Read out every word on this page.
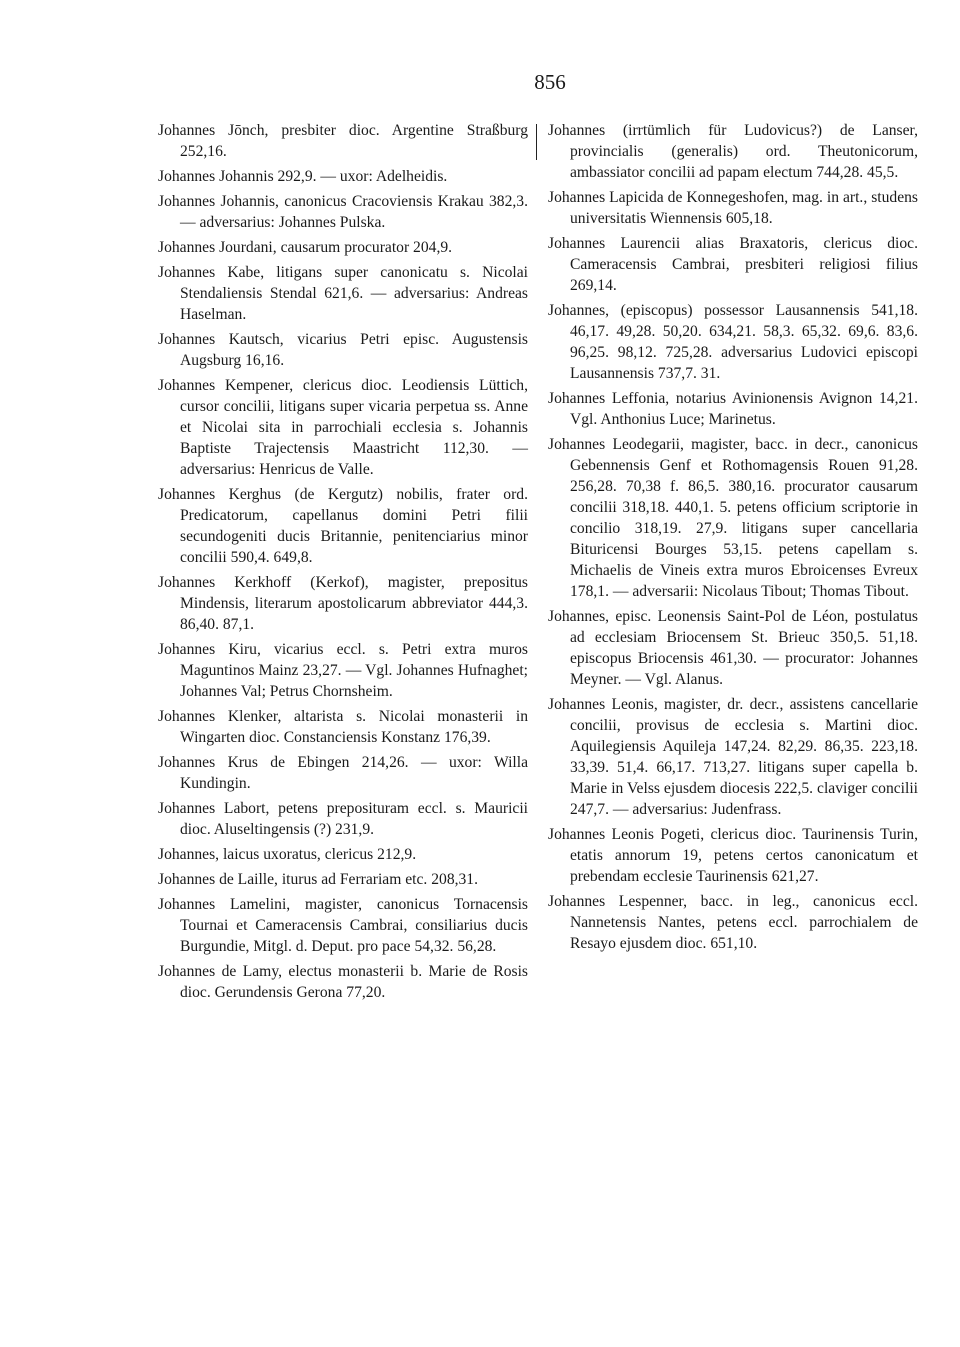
856

Johannes Jōnch, presbiter dioc. Argentine Straßburg 252,16.

Johannes Johannis 292,9. — uxor: Adelheidis.

Johannes Johannis, canonicus Cracoviensis Krakau 382,3. — adversarius: Johannes Pulska.

Johannes Jourdani, causarum procurator 204,9.

Johannes Kabe, litigans super canonicatu s. Nicolai Stendaliensis Stendal 621,6. — adversarius: Andreas Haselman.

Johannes Kautsch, vicarius Petri episc. Augustensis Augsburg 16,16.

Johannes Kempener, clericus dioc. Leodiensis Lüttich, cursor concilii, litigans super vicaria perpetua ss. Anne et Nicolai sita in parrochiali ecclesia s. Johannis Baptiste Trajectensis Maastricht 112,30. — adversarius: Henricus de Valle.

Johannes Kerghus (de Kergutz) nobilis, frater ord. Predicatorum, capellanus domini Petri filii secundogeniti ducis Britannie, penitenciarius minor concilii 590,4. 649,8.

Johannes Kerkhoff (Kerkof), magister, prepositus Mindensis, literarum apostolicarum abbreviator 444,3. 86,40. 87,1.

Johannes Kiru, vicarius eccl. s. Petri extra muros Maguntinos Mainz 23,27. — Vgl. Johannes Hufnaghet; Johannes Val; Petrus Chornsheim.

Johannes Klenker, altarista s. Nicolai monasterii in Wingarten dioc. Constanciensis Konstanz 176,39.

Johannes Krus de Ebingen 214,26. — uxor: Willa Kundingin.

Johannes Labort, petens preposituram eccl. s. Mauricii dioc. Aluseltingensis (?) 231,9.

Johannes, laicus uxoratus, clericus 212,9.

Johannes de Laille, iturus ad Ferrariam etc. 208,31.

Johannes Lamelini, magister, canonicus Tornacensis Tournai et Cameracensis Cambrai, consiliarius ducis Burgundie, Mitgl. d. Deput. pro pace 54,32. 56,28.

Johannes de Lamy, electus monasterii b. Marie de Rosis dioc. Gerundensis Gerona 77,20.

Johannes (irrtümlich für Ludovicus?) de Lanser, provincialis (generalis) ord. Theutonicorum, ambassiator concilii ad papam electum 744,28. 45,5.

Johannes Lapicida de Konnegeshofen, mag. in art., studens universitatis Wiennensis 605,18.

Johannes Laurencii alias Braxatoris, clericus dioc. Cameracensis Cambrai, presbiteri religiosi filius 269,14.

Johannes, (episcopus) possessor Lausannensis 541,18. 46,17. 49,28. 50,20. 634,21. 58,3. 65,32. 69,6. 83,6. 96,25. 98,12. 725,28. adversarius Ludovici episcopi Lausannensis 737,7. 31.

Johannes Leffonia, notarius Avinionensis Avignon 14,21. Vgl. Anthonius Luce; Marinetus.

Johannes Leodegarii, magister, bacc. in decr., canonicus Gebennensis Genf et Rothomagensis Rouen 91,28. 256,28. 70,38 f. 86,5. 380,16. procurator causarum concilii 318,18. 440,1. 5. petens officium scriptorie in concilio 318,19. 27,9. litigans super cancellaria Bituricensi Bourges 53,15. petens capellam s. Michaelis de Vineis extra muros Ebroicenses Evreux 178,1. — adversarii: Nicolaus Tibout; Thomas Tibout.

Johannes, episc. Leonensis Saint-Pol de Léon, postulatus ad ecclesiam Briocensem St. Brieuc 350,5. 51,18. episcopus Briocensis 461,30. — procurator: Johannes Meyner. — Vgl. Alanus.

Johannes Leonis, magister, dr. decr., assistens cancellarie concilii, provisus de ecclesia s. Martini dioc. Aquilegiensis Aquileja 147,24. 82,29. 86,35. 223,18. 33,39. 51,4. 66,17. 713,27. litigans super capella b. Marie in Velss ejusdem diocesis 222,5. claviger concilii 247,7. — adversarius: Judenfrass.

Johannes Leonis Pogeti, clericus dioc. Taurinensis Turin, etatis annorum 19, petens certos canonicatum et prebendam ecclesie Taurinensis 621,27.

Johannes Lespenner, bacc. in leg., canonicus eccl. Nannetensis Nantes, petens eccl. parrochialem de Resayo ejusdem dioc. 651,10.
